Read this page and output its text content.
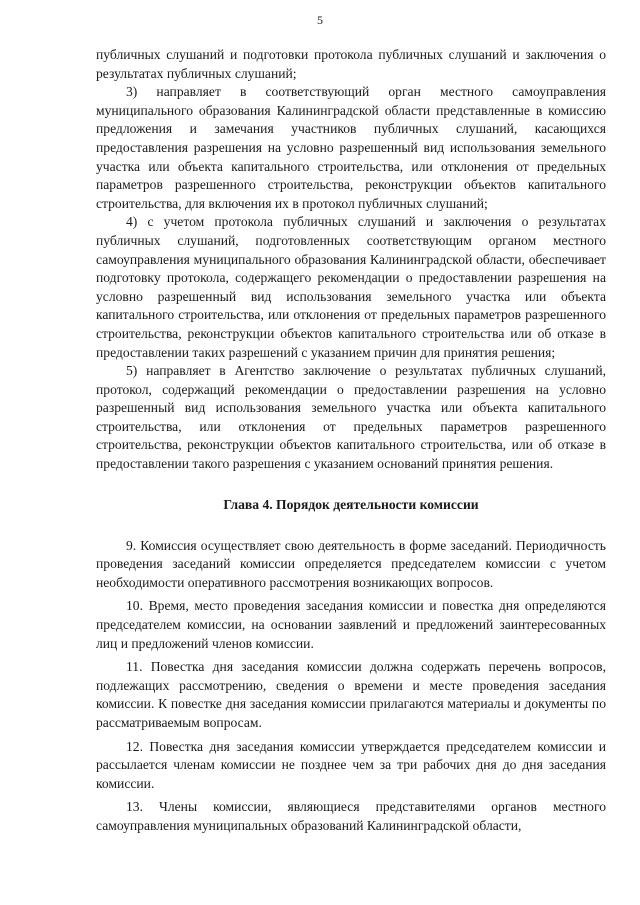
5

публичных слушаний и подготовки протокола публичных слушаний и заключения о результатах публичных слушаний;

3) направляет в соответствующий орган местного самоуправления муниципального образования Калининградской области представленные в комиссию предложения и замечания участников публичных слушаний, касающихся предоставления разрешения на условно разрешенный вид использования земельного участка или объекта капитального строительства, или отклонения от предельных параметров разрешенного строительства, реконструкции объектов капитального строительства, для включения их в протокол публичных слушаний;

4) с учетом протокола публичных слушаний и заключения о результатах публичных слушаний, подготовленных соответствующим органом местного самоуправления муниципального образования Калининградской области, обеспечивает подготовку протокола, содержащего рекомендации о предоставлении разрешения на условно разрешенный вид использования земельного участка или объекта капитального строительства, или отклонения от предельных параметров разрешенного строительства, реконструкции объектов капитального строительства или об отказе в предоставлении таких разрешений с указанием причин для принятия решения;

5) направляет в Агентство заключение о результатах публичных слушаний, протокол, содержащий рекомендации о предоставлении разрешения на условно разрешенный вид использования земельного участка или объекта капитального строительства, или отклонения от предельных параметров разрешенного строительства, реконструкции объектов капитального строительства, или об отказе в предоставлении такого разрешения с указанием оснований принятия решения.

Глава 4. Порядок деятельности комиссии

9. Комиссия осуществляет свою деятельность в форме заседаний. Периодичность проведения заседаний комиссии определяется председателем комиссии с учетом необходимости оперативного рассмотрения возникающих вопросов.

10. Время, место проведения заседания комиссии и повестка дня определяются председателем комиссии, на основании заявлений и предложений заинтересованных лиц и предложений членов комиссии.

11. Повестка дня заседания комиссии должна содержать перечень вопросов, подлежащих рассмотрению, сведения о времени и месте проведения заседания комиссии. К повестке дня заседания комиссии прилагаются материалы и документы по рассматриваемым вопросам.

12. Повестка дня заседания комиссии утверждается председателем комиссии и рассылается членам комиссии не позднее чем за три рабочих дня до дня заседания комиссии.

13. Члены комиссии, являющиеся представителями органов местного самоуправления муниципальных образований Калининградской области,
